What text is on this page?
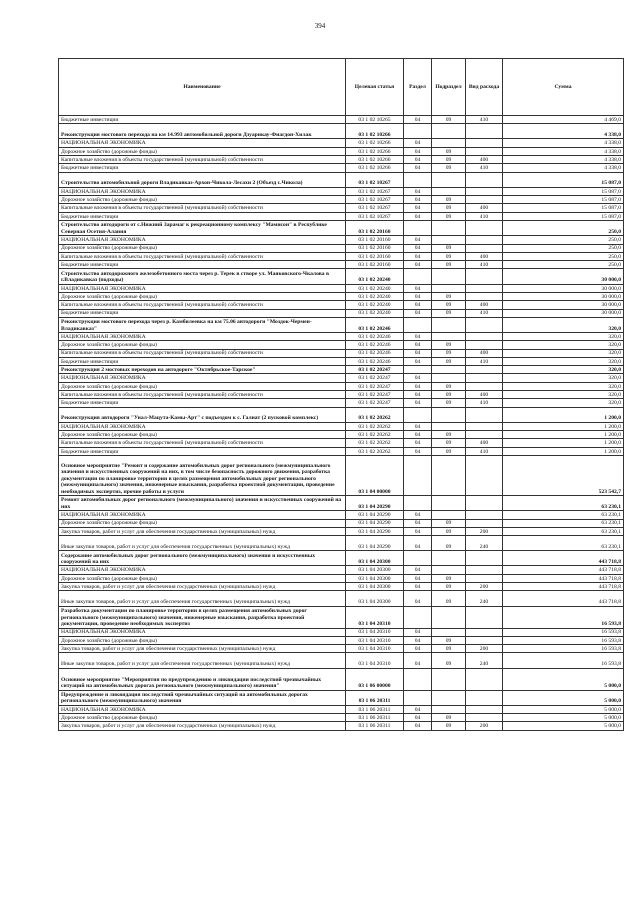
394
Наименование	Целевая статья	Раздел	Подраздел	Вид расхода	Сумма
Бюджетные инвестиции	03 1 02 10265	04	09	410	4 469,0
Реконструкция мостового перехода на км 14.993 автомобильной дороги Дзуарикау-Фиагдон-Хилак	03 1 02 10266				4 338,0
НАЦИОНАЛЬНАЯ ЭКОНОМИКА	03 1 02 10266	04			4 338,0
Дорожное хозяйство (дорожные фонды)	03 1 02 10266	04	09		4 338,0
Капитальные вложения в объекты государственной (муниципальной) собственности	03 1 02 10266	04	09	400	4 338,0
Бюджетные инвестиции	03 1 02 10266	04	09	410	4 338,0
Строительство автомобильной дороги Владикавказ-Архон-Чикола-Лесахи 2 (Объезд с.Чикола)	03 1 02 10267				15 087,0
НАЦИОНАЛЬНАЯ ЭКОНОМИКА	03 1 02 10267	04			15 087,0
Дорожное хозяйство (дорожные фонды)	03 1 02 10267	04	09		15 087,0
Капитальные вложения в объекты государственной (муниципальной) собственности	03 1 02 10267	04	09	400	15 087,0
Бюджетные инвестиции	03 1 02 10267	04	09	410	15 087,0
Строительство автодороги от с.Нижний Зарамаг к рекреационному комплексу "Мамисон" в Республике Северная Осетия-Алания	03 1 02 20160				250,0
НАЦИОНАЛЬНАЯ ЭКОНОМИКА	03 1 02 20160	04			250,0
Дорожное хозяйство (дорожные фонды)	03 1 02 20160	04	09		250,0
Капитальные вложения в объекты государственной (муниципальной) собственности	03 1 02 20160	04	09	400	250,0
Бюджетные инвестиции	03 1 02 20160	04	09	410	250,0
Строительство автодорожного железобетонного моста через р. Терек в створе ул. Маяковского-Чкалова в г.Владикавказ (подходы)	03 1 02 20240				30 000,0
НАЦИОНАЛЬНАЯ ЭКОНОМИКА	03 1 02 20240	04			30 000,0
Дорожное хозяйство (дорожные фонды)	03 1 02 20240	04	09		30 000,0
Капитальные вложения в объекты государственной (муниципальной) собственности	03 1 02 20240	04	09	400	30 000,0
Бюджетные инвестиции	03 1 02 20240	04	09	410	30 000,0
Реконструкция мостового перехода через р. Камбилеевка на км 75.06 автодороги "Моздок-Чермен-Владикавказ"	03 1 02 20246				320,0
НАЦИОНАЛЬНАЯ ЭКОНОМИКА	03 1 02 20246	04			320,0
Дорожное хозяйство (дорожные фонды)	03 1 02 20246	04	09		320,0
Капитальные вложения в объекты государственной (муниципальной) собственности	03 1 02 20246	04	09	400	320,0
Бюджетные инвестиции	03 1 02 20246	04	09	410	320,0
Реконструкция 2 мостовых переходов на автодороге "Октябрьское-Тарское"	03 1 02 20247				320,0
НАЦИОНАЛЬНАЯ ЭКОНОМИКА	03 1 02 20247	04			320,0
Дорожное хозяйство (дорожные фонды)	03 1 02 20247	04	09		320,0
Капитальные вложения в объекты государственной (муниципальной) собственности	03 1 02 20247	04	09	400	320,0
Бюджетные инвестиции	03 1 02 20247	04	09	410	320,0
Реконструкция автодороги "Унал-Мацута-Камы-Арт" с подъездом к с. Галиат (2 пусковой комплекс)	03 1 02 20262				1 200,0
НАЦИОНАЛЬНАЯ ЭКОНОМИКА	03 1 02 20262	04			1 200,0
Дорожное хозяйство (дорожные фонды)	03 1 02 20262	04	09		1 200,0
Капитальные вложения в объекты государственной (муниципальной) собственности	03 1 02 20262	04	09	400	1 200,0
Бюджетные инвестиции	03 1 02 20262	04	09	410	1 200,0
Основное мероприятие "Ремонт и содержание автомобильных дорог регионального (межмуниципального значения и искусственных сооружений на них, в том числе безопасность дорожного движения, разработка документации по планировке территории в целях размещения автомобильных дорог регионального (межмуниципального) значения, инженерные изыскания, разработка проектной документации, проведение необходимых экспертиз, прочие работы и услуги	03 1 04 00000				523 542,7
Ремонт автомобильных дорог регионального (межмуниципального) значения и искусственных сооружений на них	03 1 04 20290				63 230,1
НАЦИОНАЛЬНАЯ ЭКОНОМИКА	03 1 04 20290	04			63 230,1
Дорожное хозяйство (дорожные фонды)	03 1 04 20290	04	09		63 230,1
Закупка товаров, работ и услуг для обеспечения государственных (муниципальных) нужд	03 1 04 20290	04	09	200	63 230,1
Иные закупки товаров, работ и услуг для обеспечения государственных (муниципальных) нужд	03 1 04 20290	04	09	240	63 230,1
Содержание автомобильных дорог регионального (межмуниципального) значения и искусственных сооружений на них	03 1 04 20300				443 718,8
НАЦИОНАЛЬНАЯ ЭКОНОМИКА	03 1 04 20300	04			443 718,8
Дорожное хозяйство (дорожные фонды)	03 1 04 20300	04	09		443 718,8
Закупка товаров, работ и услуг для обеспечения государственных (муниципальных) нужд	03 1 04 20300	04	09	200	443 718,8
Иные закупки товаров, работ и услуг для обеспечения государственных (муниципальных) нужд	03 1 04 20300	04	09	240	443 718,8
Разработка документации по планировке территории в целях размещения автомобильных дорог регионального (межмуниципального) значения, инженерные изыскания, разработка проектной документации, проведение необходимых экспертиз	03 1 04 20310				16 593,8
НАЦИОНАЛЬНАЯ ЭКОНОМИКА	03 1 04 20310	04			16 593,8
Дорожное хозяйство (дорожные фонды)	03 1 04 20310	04	09		16 593,8
Закупка товаров, работ и услуг для обеспечения государственных (муниципальных) нужд	03 1 04 20310	04	09	200	16 593,8
Иные закупки товаров, работ и услуг для обеспечения государственных (муниципальных) нужд	03 1 04 20310	04	09	240	16 593,8
Основное мероприятие "Мероприятия по предупреждению и ликвидации последствий чрезвычайных ситуаций на автомобильных дорогах регионального (межмуниципального) значения"	03 1 06 00000				5 000,0
Предупреждение и ликвидация последствий чрезвычайных ситуаций на автомобильных дорогах регионального (межмуниципального) значения	03 1 06 20311				5 000,0
НАЦИОНАЛЬНАЯ ЭКОНОМИКА	03 1 06 20311	04			5 000,0
Дорожное хозяйство (дорожные фонды)	03 1 06 20311	04	09		5 000,0
Закупка товаров, работ и услуг для обеспечения государственных (муниципальных) нужд	03 1 06 20311	04	09	200	5 000,0
